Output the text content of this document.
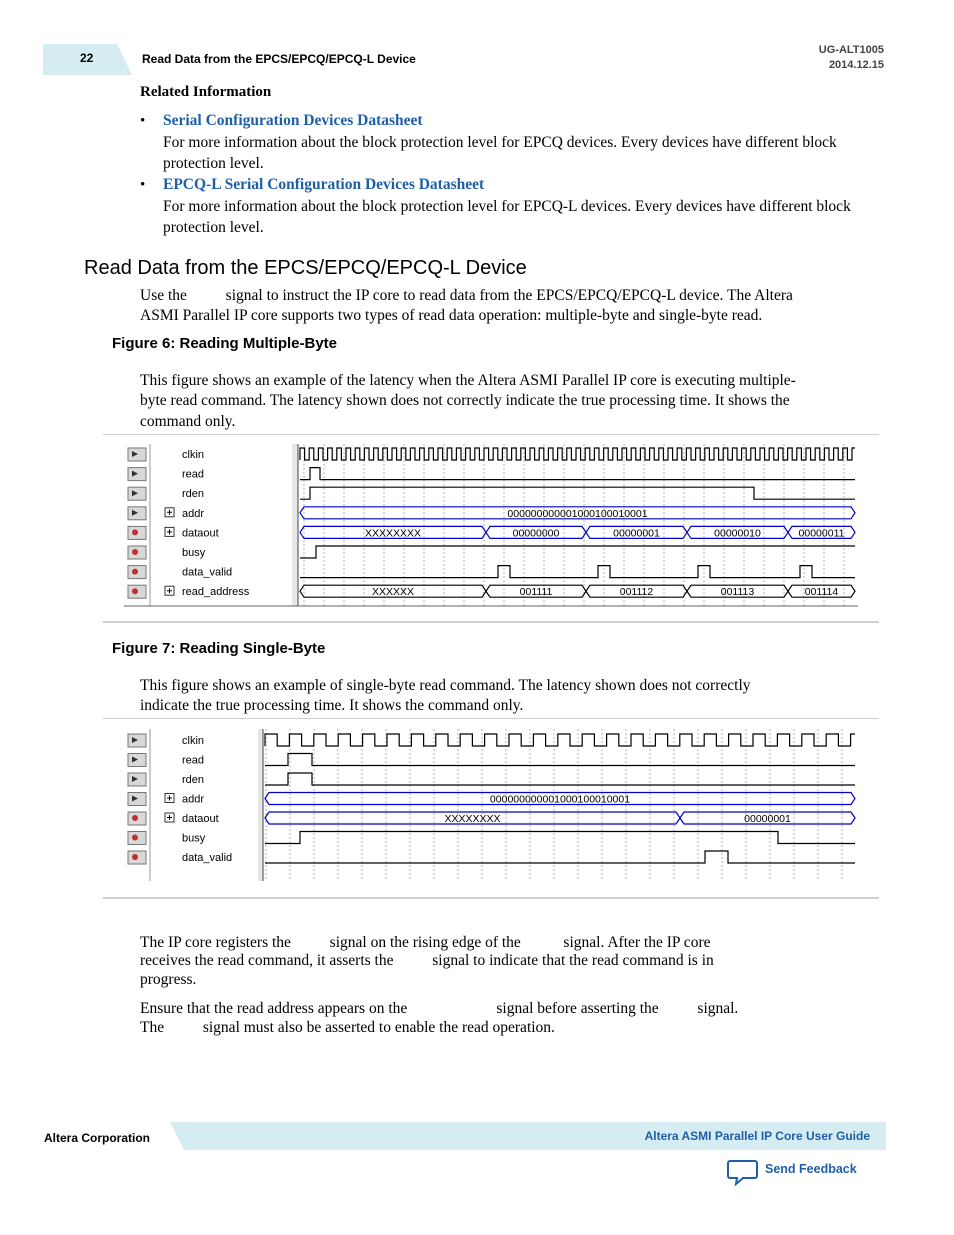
22	Read Data from the EPCS/EPCQ/EPCQ-L Device
UG-ALT1005
2014.12.15
Related Information
• Serial Configuration Devices Datasheet
For more information about the block protection level for EPCQ devices. Every devices have different block protection level.
• EPCQ-L Serial Configuration Devices Datasheet
For more information about the block protection level for EPCQ-L devices. Every devices have different block protection level.
Read Data from the EPCS/EPCQ/EPCQ-L Device
Use the          signal to instruct the IP core to read data from the EPCS/EPCQ/EPCQ-L device. The Altera
ASMI Parallel IP core supports two types of read data operation: multiple-byte and single-byte read.
Figure 6: Reading Multiple-Byte
This figure shows an example of the latency when the Altera ASMI Parallel IP core is executing multiple-
byte read command. The latency shown does not correctly indicate the true processing time. It shows the
command only.
clkin
read
rden
addr
dataout
busy
data_valid
read_address
000000000001000100010001
XXXXXXXX	00000000	00000001	00000010	00000011
XXXXXX	001111	001112	001113	001114
Figure 7: Reading Single-Byte
This figure shows an example of single-byte read command. The latency shown does not correctly
indicate the true processing time. It shows the command only.
clkin
read
rden
addr
dataout
busy
data_valid
000000000001000100010001
XXXXXXXX	00000001
The IP core registers the          signal on the rising edge of the           signal. After the IP core
receives the read command, it asserts the          signal to indicate that the read command is in
progress.
Ensure that the read address appears on the                       signal before asserting the          signal.
The          signal must also be asserted to enable the read operation.
Altera Corporation	Altera ASMI Parallel IP Core User Guide
Send Feedback
